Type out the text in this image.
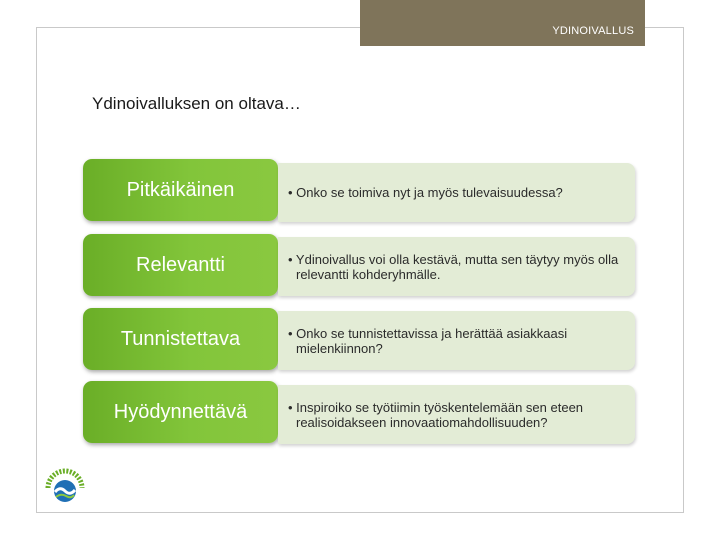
YDINOIVALLUS
Ydinoivalluksen on oltava…
Pitkäikäinen	• Onko se toimiva nyt ja myös tulevaisuudessa?
Relevantti	• Ydinoivallus voi olla kestävä, mutta sen täytyy myös olla relevantti kohderyhmälle.
Tunnistettava	• Onko se tunnistettavissa ja herättää asiakkaasi mielenkiinnon?
Hyödynnettävä	• Inspiroiko se työtiimin työskentelemään sen eteen realisoidakseen innovaatiomahdollisuuden?
